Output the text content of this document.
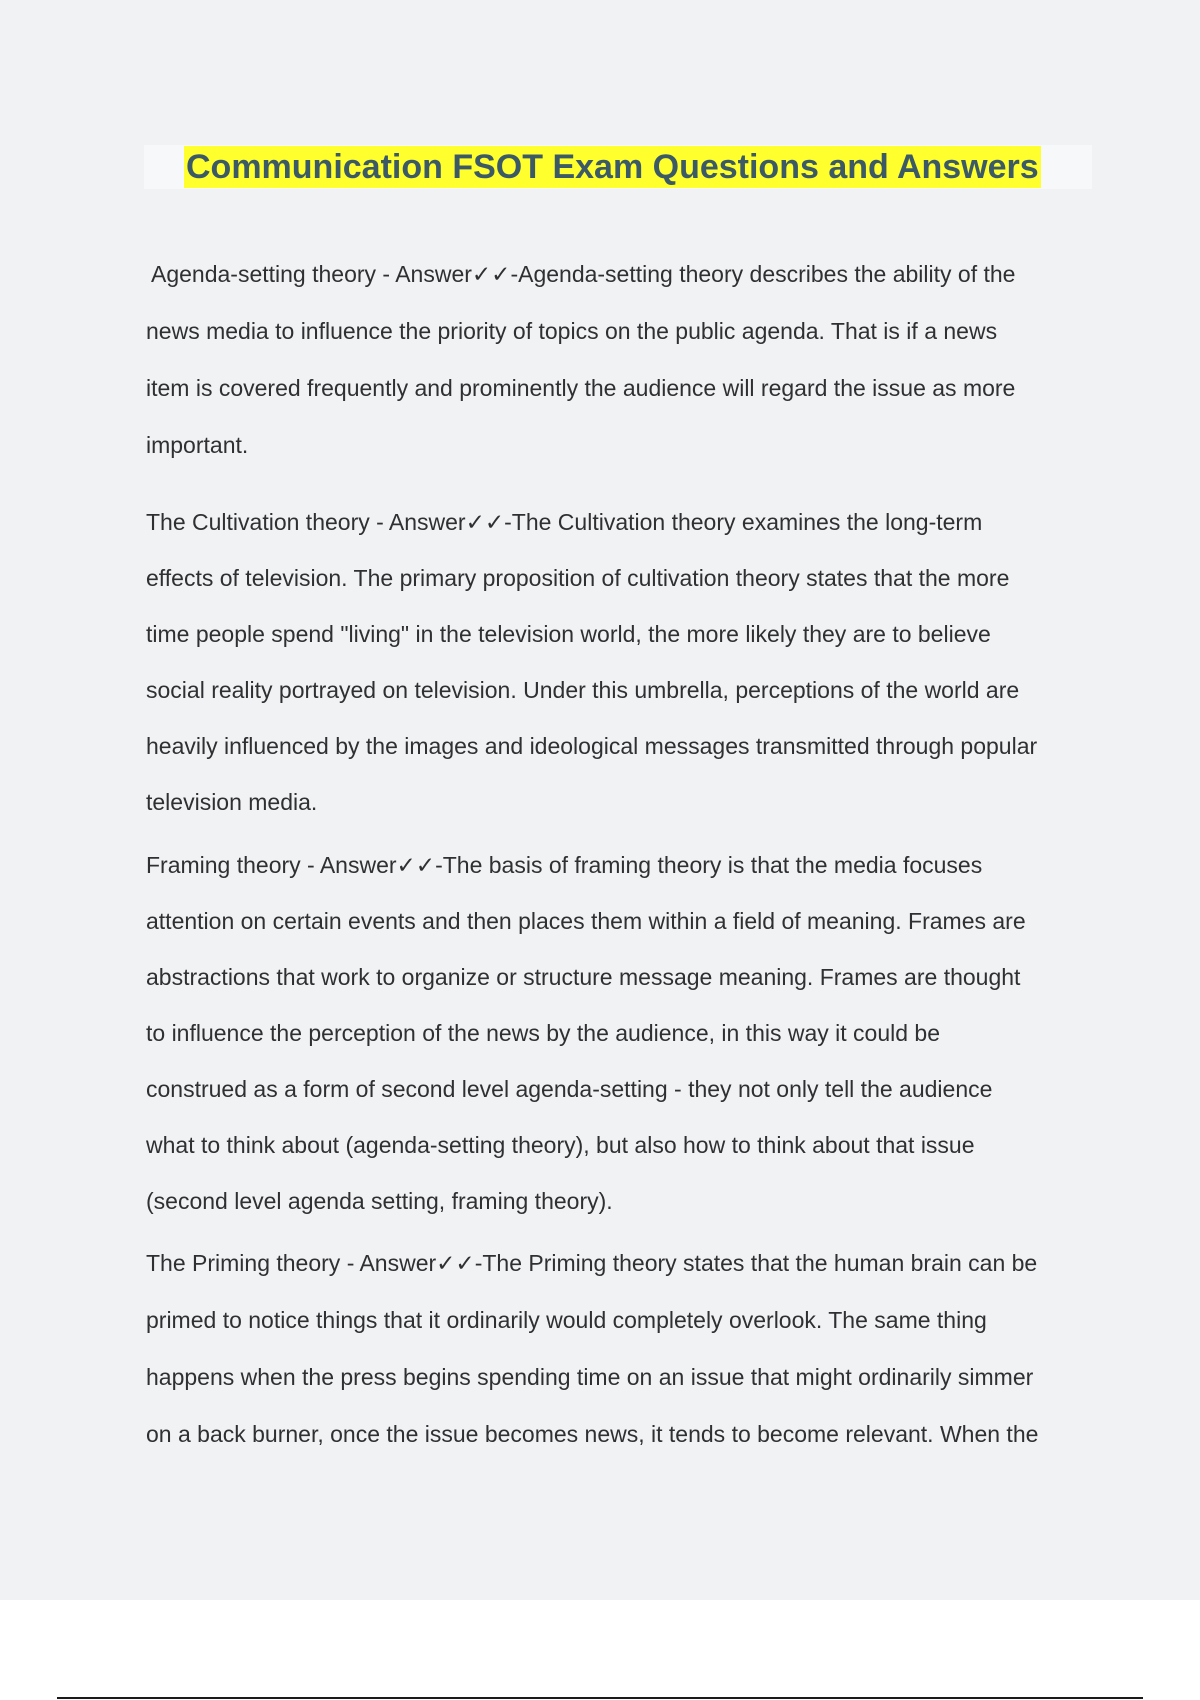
Communication FSOT Exam Questions and Answers
Agenda-setting theory - Answer✓✓-Agenda-setting theory describes the ability of the
news media to influence the priority of topics on the public agenda. That is if a news
item is covered frequently and prominently the audience will regard the issue as more
important.
The Cultivation theory - Answer✓✓-The Cultivation theory examines the long-term
effects of television. The primary proposition of cultivation theory states that the more
time people spend "living" in the television world, the more likely they are to believe
social reality portrayed on television. Under this umbrella, perceptions of the world are
heavily influenced by the images and ideological messages transmitted through popular
television media.
Framing theory - Answer✓✓-The basis of framing theory is that the media focuses
attention on certain events and then places them within a field of meaning. Frames are
abstractions that work to organize or structure message meaning. Frames are thought
to influence the perception of the news by the audience, in this way it could be
construed as a form of second level agenda-setting - they not only tell the audience
what to think about (agenda-setting theory), but also how to think about that issue
(second level agenda setting, framing theory).
The Priming theory - Answer✓✓-The Priming theory states that the human brain can be
primed to notice things that it ordinarily would completely overlook. The same thing
happens when the press begins spending time on an issue that might ordinarily simmer
on a back burner, once the issue becomes news, it tends to become relevant. When the
